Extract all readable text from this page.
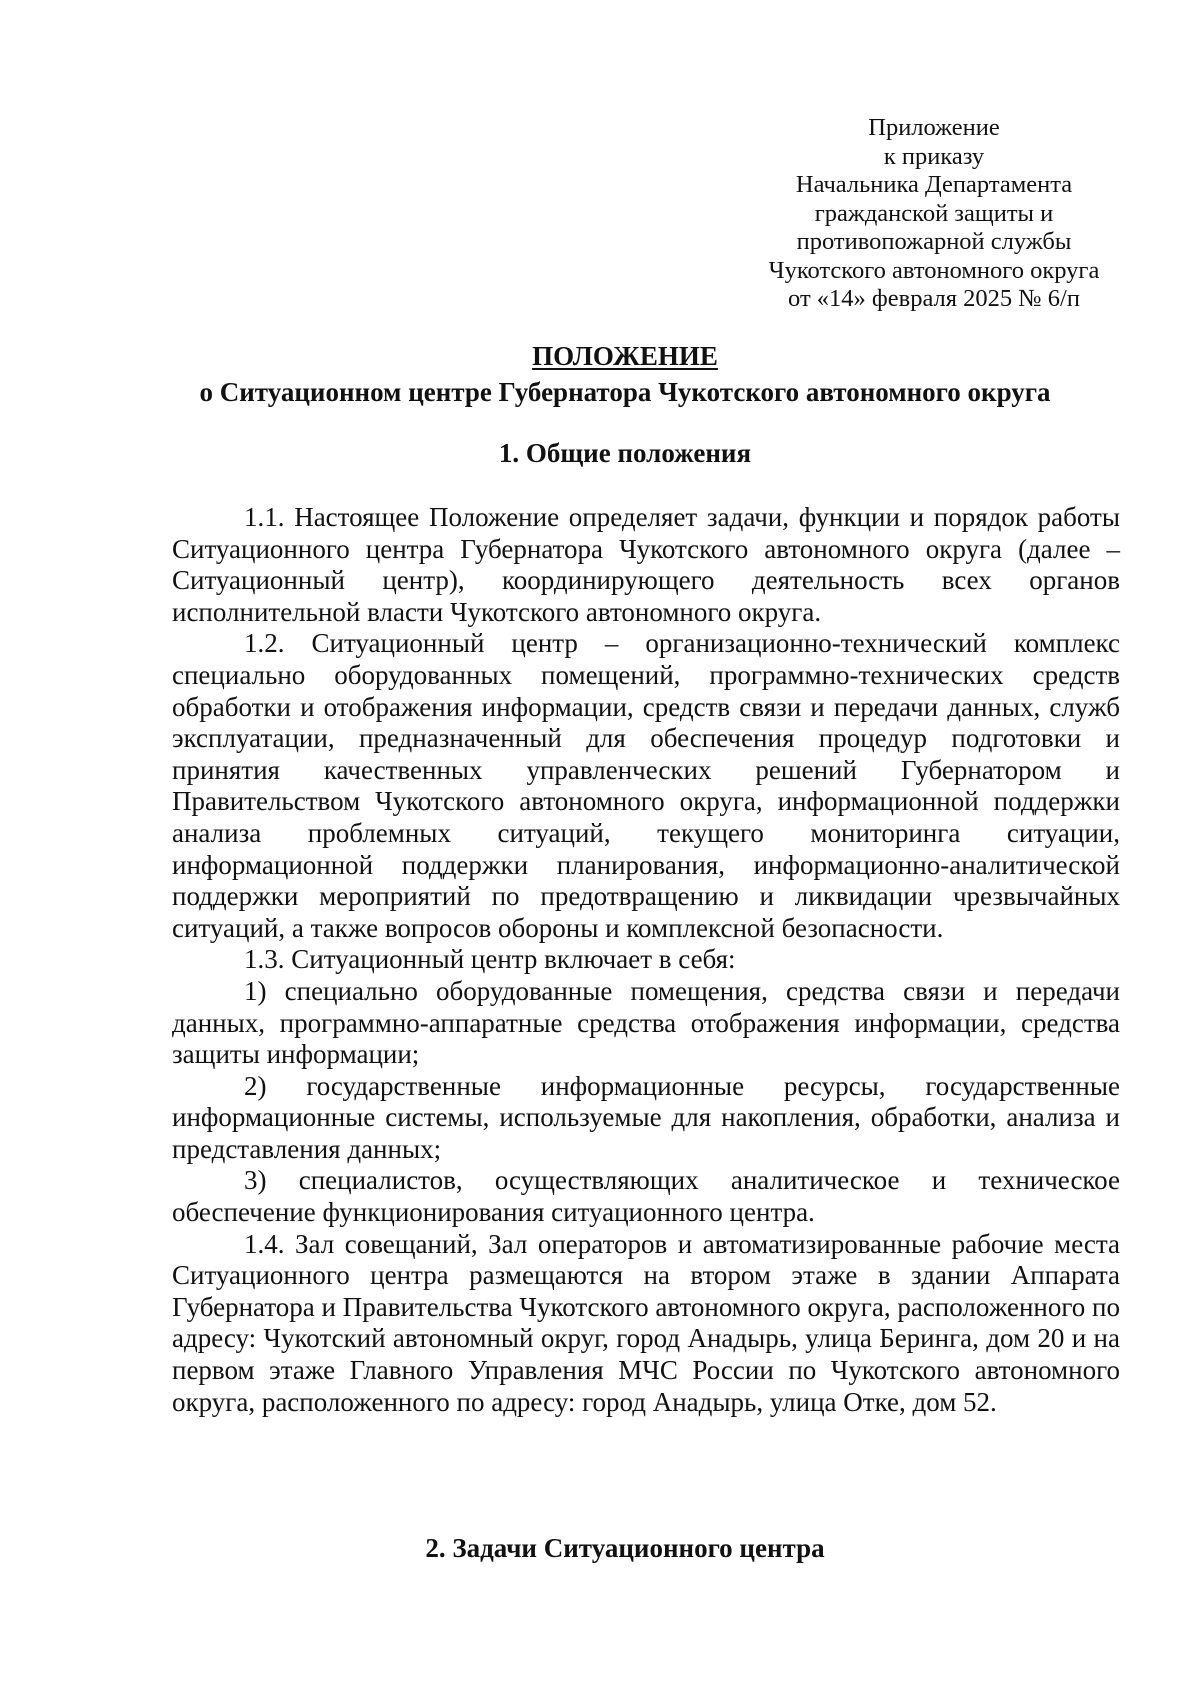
Приложение
к приказу
Начальника Департамента
гражданской защиты и
противопожарной службы
Чукотского автономного округа
от «14» февраля 2025 № 6/п
ПОЛОЖЕНИЕ
о Ситуационном центре Губернатора Чукотского автономного округа
1. Общие положения

1.1. Настоящее Положение определяет задачи, функции и порядок работы Ситуационного центра Губернатора Чукотского автономного округа (далее – Ситуационный центр), координирующего деятельность всех органов исполнительной власти Чукотского автономного округа.

1.2. Ситуационный центр – организационно-технический комплекс специально оборудованных помещений, программно-технических средств обработки и отображения информации, средств связи и передачи данных, служб эксплуатации, предназначенный для обеспечения процедур подготовки и принятия качественных управленческих решений Губернатором и Правительством Чукотского автономного округа, информационной поддержки анализа проблемных ситуаций, текущего мониторинга ситуации, информационной поддержки планирования, информационно-аналитической поддержки мероприятий по предотвращению и ликвидации чрезвычайных ситуаций, а также вопросов обороны и комплексной безопасности.

1.3. Ситуационный центр включает в себя:

1) специально оборудованные помещения, средства связи и передачи данных, программно-аппаратные средства отображения информации, средства защиты информации;

2) государственные информационные ресурсы, государственные информационные системы, используемые для накопления, обработки, анализа и представления данных;

3) специалистов, осуществляющих аналитическое и техническое обеспечение функционирования ситуационного центра.

1.4. Зал совещаний, Зал операторов и автоматизированные рабочие места Ситуационного центра размещаются на втором этаже в здании Аппарата Губернатора и Правительства Чукотского автономного округа, расположенного по адресу: Чукотский автономный округ, город Анадырь, улица Беринга, дом 20 и на первом этаже Главного Управления МЧС России по Чукотского автономного округа, расположенного по адресу: город Анадырь, улица Отке, дом 52.

2. Задачи Ситуационного центра
